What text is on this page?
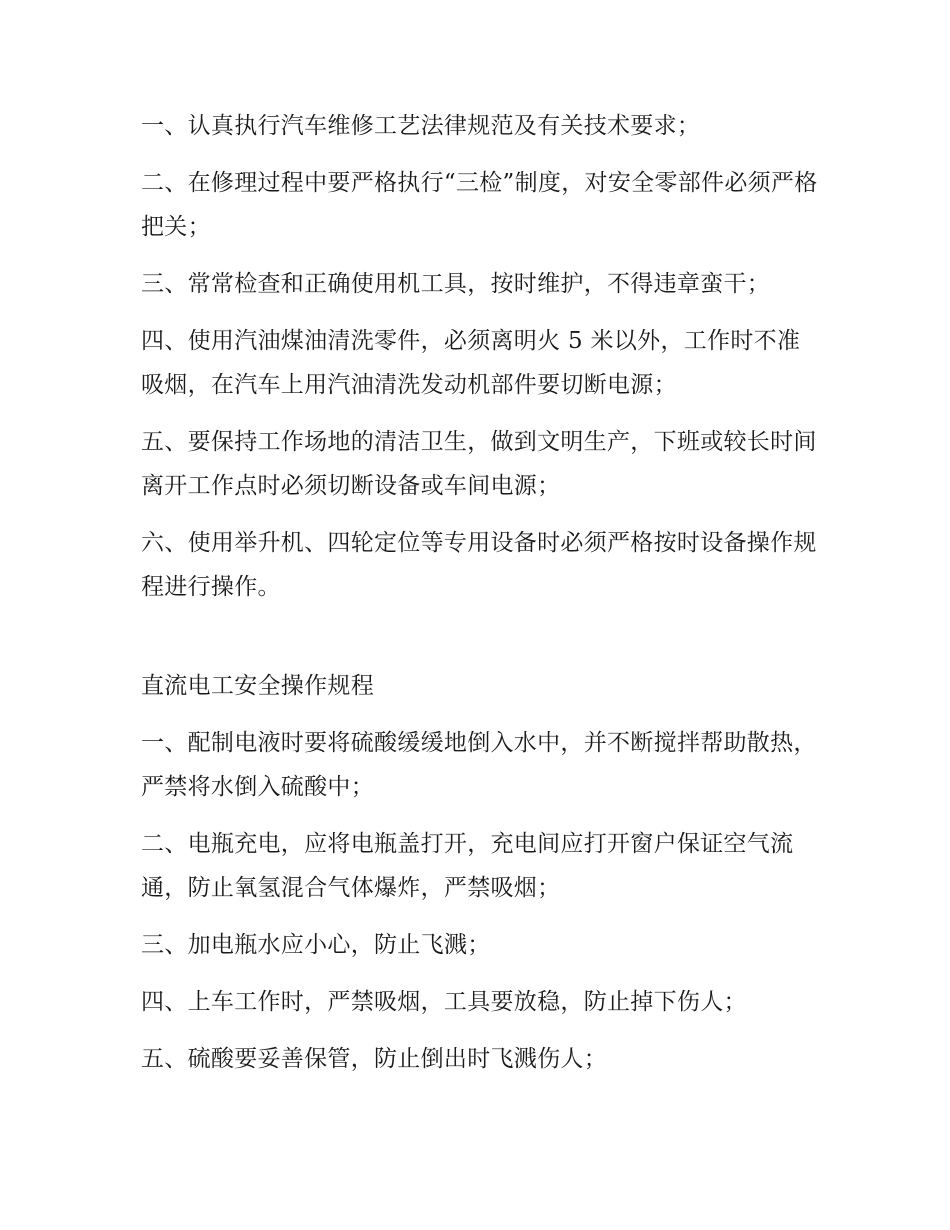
一、认真执行汽车维修工艺法律规范及有关技术要求；

二、在修理过程中要严格执行“三检”制度，对安全零部件必须严格把关；

三、常常检查和正确使用机工具，按时维护，不得违章蛮干；

四、使用汽油煤油清洗零件，必须离明火 5 米以外，工作时不准吸烟，在汽车上用汽油清洗发动机部件要切断电源；

五、要保持工作场地的清洁卫生，做到文明生产，下班或较长时间离开工作点时必须切断设备或车间电源；

六、使用举升机、四轮定位等专用设备时必须严格按时设备操作规程进行操作。

直流电工安全操作规程

一、配制电液时要将硫酸缓缓地倒入水中，并不断搅拌帮助散热，严禁将水倒入硫酸中；

二、电瓶充电，应将电瓶盖打开，充电间应打开窗户保证空气流通，防止氧氢混合气体爆炸，严禁吸烟；

三、加电瓶水应小心，防止飞溅；

四、上车工作时，严禁吸烟，工具要放稳，防止掉下伤人；

五、硫酸要妥善保管，防止倒出时飞溅伤人；
